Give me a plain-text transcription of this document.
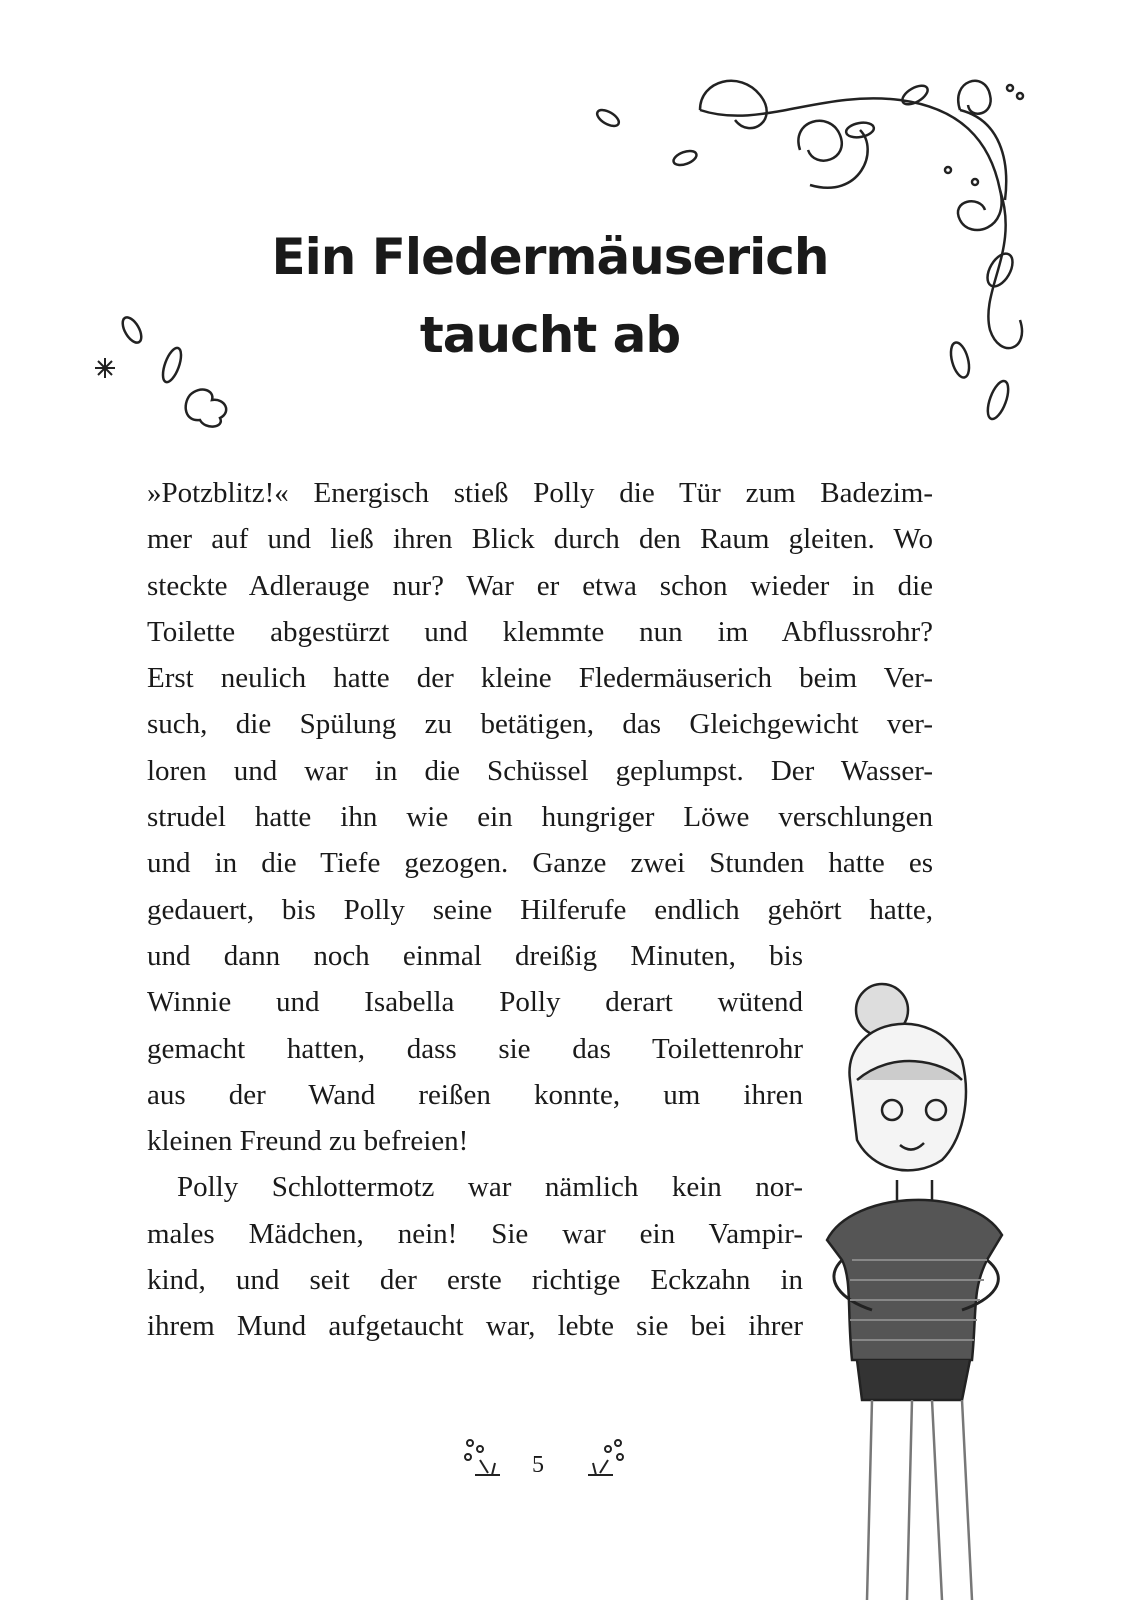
Ein Fledermäuserich
taucht ab
»Potzblitz!« Energisch stieß Polly die Tür zum Badezim-
mer auf und ließ ihren Blick durch den Raum gleiten. Wo
steckte Adlerauge nur? War er etwa schon wieder in die
Toilette abgestürzt und klemmte nun im Abflussrohr?
Erst neulich hatte der kleine Fledermäuserich beim Ver-
such, die Spülung zu betätigen, das Gleichgewicht ver-
loren und war in die Schüssel geplumpst. Der Wasser-
strudel hatte ihn wie ein hungriger Löwe verschlungen
und in die Tiefe gezogen. Ganze zwei Stunden hatte es
gedauert, bis Polly seine Hilferufe endlich gehört hatte,
und dann noch einmal dreißig Minuten, bis
Winnie und Isabella Polly derart wütend
gemacht hatten, dass sie das Toilettenrohr
aus der Wand reißen konnte, um ihren
kleinen Freund zu befreien!
Polly Schlottermotz war nämlich kein nor-
males Mädchen, nein! Sie war ein Vampir-
kind, und seit der erste richtige Eckzahn in
ihrem Mund aufgetaucht war, lebte sie bei ihrer
5
